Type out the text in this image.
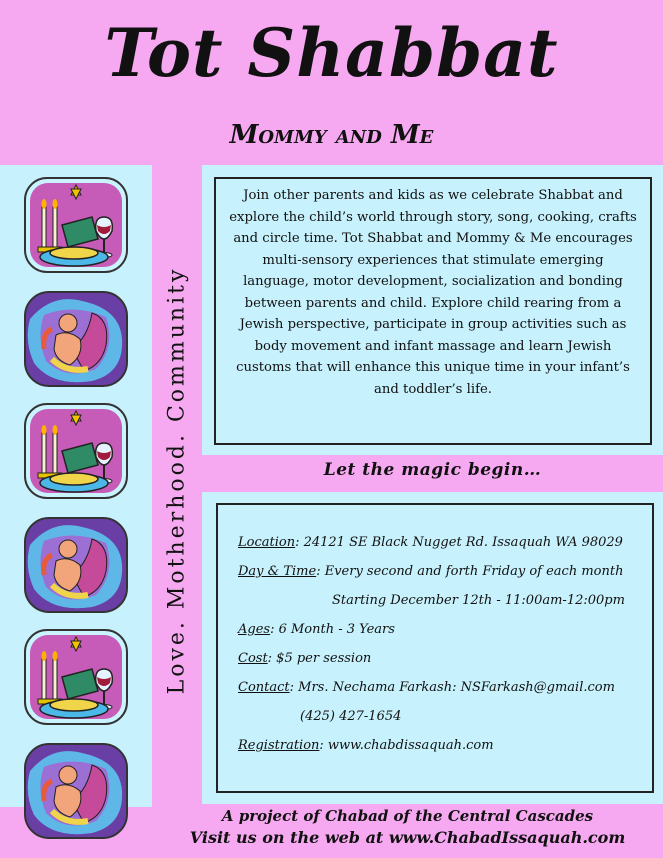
Tot Shabbat
Mommy and Me
Love. Motherhood. Community

Join other parents and kids as we celebrate Shabbat and explore the child’s world through story, song, cooking, crafts and circle time. Tot Shabbat and Mommy & Me encourages multi-sensory experiences that stimulate emerging language, motor development, socialization and bonding between parents and child. Explore child rearing from a Jewish perspective, participate in group activities such as body movement and infant massage and learn Jewish customs that will enhance this unique time in your infant’s and toddler’s life.

Let the magic begin…

Location: 24121 SE Black Nugget Rd. Issaquah WA 98029

Day & Time: Every second and forth Friday of each month

Starting December 12th - 11:00am-12:00pm

Ages: 6 Month - 3 Years

Cost: $5 per session

Contact: Mrs. Nechama Farkash: NSFarkash@gmail.com

(425) 427-1654

Registration: www.chabdissaquah.com

A project of Chabad of the Central Cascades
Visit us on the web at www.ChabadIssaquah.com
